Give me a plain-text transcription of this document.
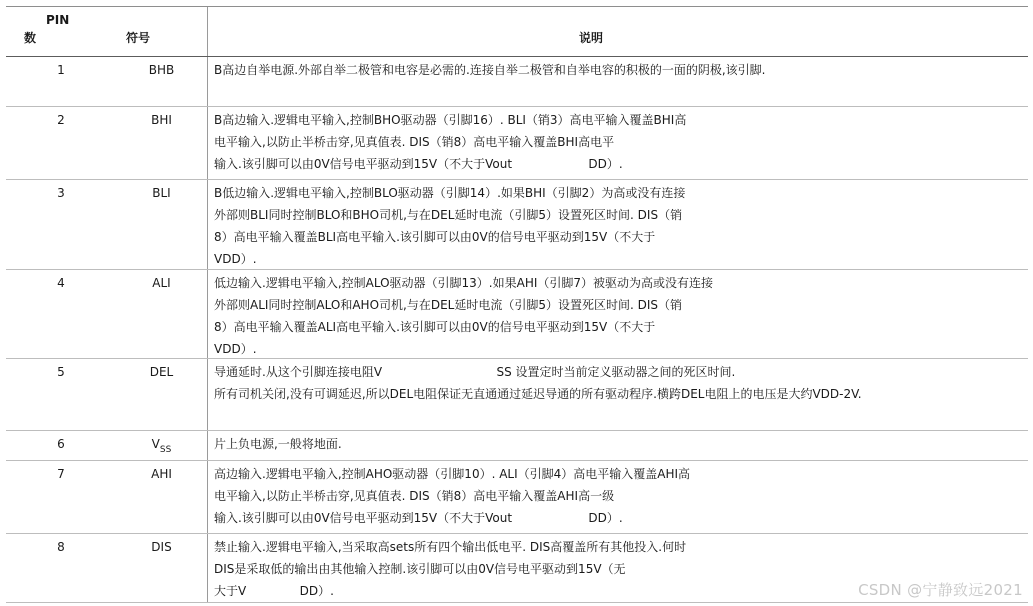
PIN
数	符号	说明
1	BHB	B高边自举电源.外部自举二极管和电容是必需的.连接自举二极管和自举电容的积极的一面的阴极,该引脚.
2	BHI	B高边输入.逻辑电平输入,控制BHO驱动器（引脚16）. BLI（销3）高电平输入覆盖BHI高
电平输入,以防止半桥击穿,见真值表. DIS（销8）高电平输入覆盖BHI高电平
输入.该引脚可以由0V信号电平驱动到15V（不大于Vout                    DD）.
3	BLI	B低边输入.逻辑电平输入,控制BLO驱动器（引脚14）.如果BHI（引脚2）为高或没有连接
外部则BLI同时控制BLO和BHO司机,与在DEL延时电流（引脚5）设置死区时间. DIS（销
8）高电平输入覆盖BLI高电平输入.该引脚可以由0V的信号电平驱动到15V（不大于
VDD）.
4	ALI	低边输入.逻辑电平输入,控制ALO驱动器（引脚13）.如果AHI（引脚7）被驱动为高或没有连接
外部则ALI同时控制ALO和AHO司机,与在DEL延时电流（引脚5）设置死区时间. DIS（销
8）高电平输入覆盖ALI高电平输入.该引脚可以由0V的信号电平驱动到15V（不大于
VDD）.
5	DEL	导通延时.从这个引脚连接电阻V                              SS 设置定时当前定义驱动器之间的死区时间.
所有司机关闭,没有可调延迟,所以DEL电阻保证无直通通过延迟导通的所有驱动程序.横跨DEL电阻上的电压是大约VDD-2V.
6	$V_{SS}$	片上负电源,一般将地面.
7	AHI	高边输入.逻辑电平输入,控制AHO驱动器（引脚10）. ALI（引脚4）高电平输入覆盖AHI高
电平输入,以防止半桥击穿,见真值表. DIS（销8）高电平输入覆盖AHI高一级
输入.该引脚可以由0V信号电平驱动到15V（不大于Vout                    DD）.
8	DIS	禁止输入.逻辑电平输入,当采取高sets所有四个输出低电平. DIS高覆盖所有其他投入.何时
DIS是采取低的输出由其他输入控制.该引脚可以由0V信号电平驱动到15V（无
大于V              DD）.	CSDN @宁静致远2021
